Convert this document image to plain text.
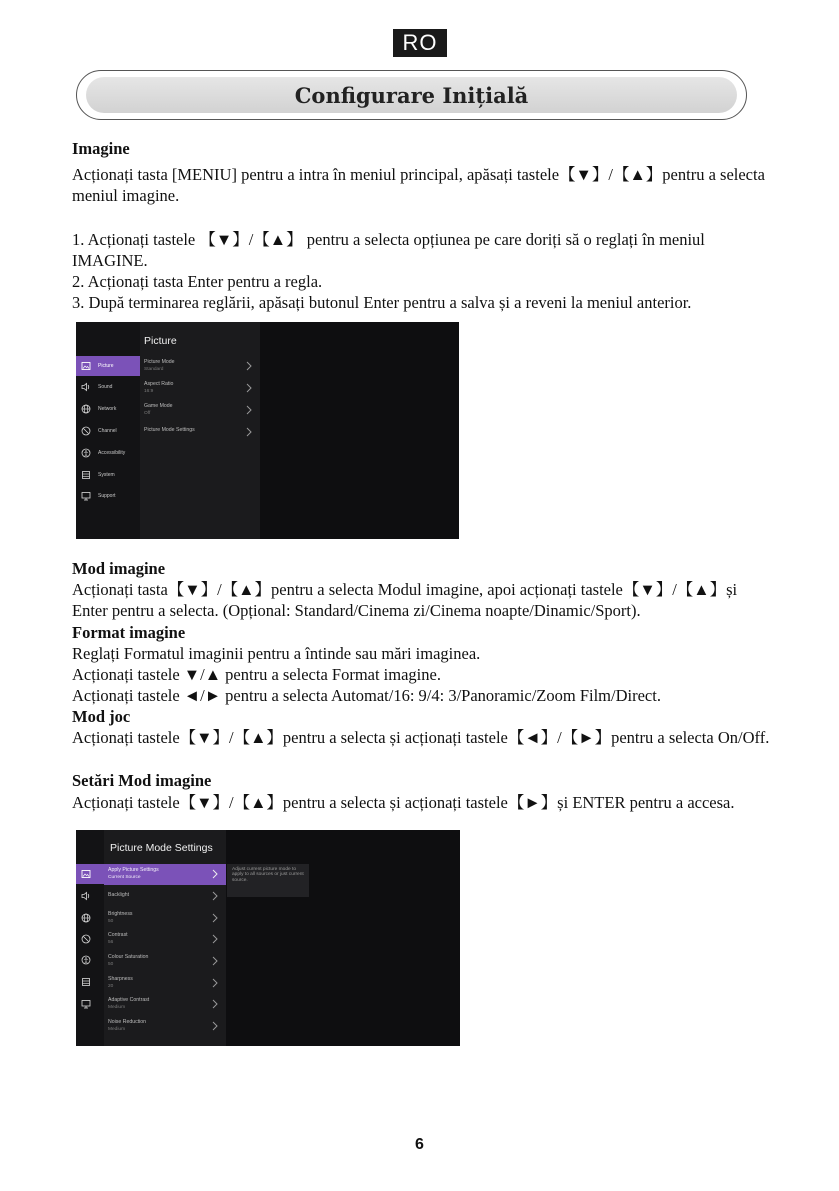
RO
Configurare Inițială
Imagine
Acționați tasta [MENIU] pentru a intra în meniul principal, apăsați tastele【▼】/【▲】pentru a selecta meniul imagine.
1. Acționați tastele 【▼】/【▲】 pentru a selecta opțiunea pe care doriți să o reglați în meniul IMAGINE.
2. Acționați tasta Enter pentru a regla.
3. După terminarea reglării, apăsați butonul Enter pentru a salva și a reveni la meniul anterior.
Picture
Sound
Network
Channel
Accessibility
System
Support
Picture
Picture Mode
Standard
Aspect Ratio
16:9
Game Mode
Off
Picture Mode Settings
Mod imagine
Acționați tasta【▼】/【▲】pentru a selecta Modul imagine, apoi acționați tastele【▼】/【▲】și Enter pentru a selecta. (Opțional: Standard/Cinema zi/Cinema noapte/Dinamic/Sport).
Format imagine
Reglați Formatul imaginii pentru a întinde sau mări imaginea.
Acționați tastele ▼/▲ pentru a selecta Format imagine.
Acționați tastele ◄/► pentru a selecta Automat/16: 9/4: 3/Panoramic/Zoom Film/Direct.
Mod joc
Acționați tastele【▼】/【▲】pentru a selecta și acționați tastele【◄】/【►】pentru a selecta On/Off.
Setări Mod imagine
Acționați tastele【▼】/【▲】pentru a selecta și acționați tastele【►】și ENTER pentru a accesa.
Picture Mode Settings
Apply Picture Settings
Current Source
Backlight
Brightness
50
Contrast
56
Colour Saturation
50
Sharpness
20
Adaptive Contrast
Medium
Noise Reduction
Medium
Adjust current picture mode to apply to all sources or just current source.
6
